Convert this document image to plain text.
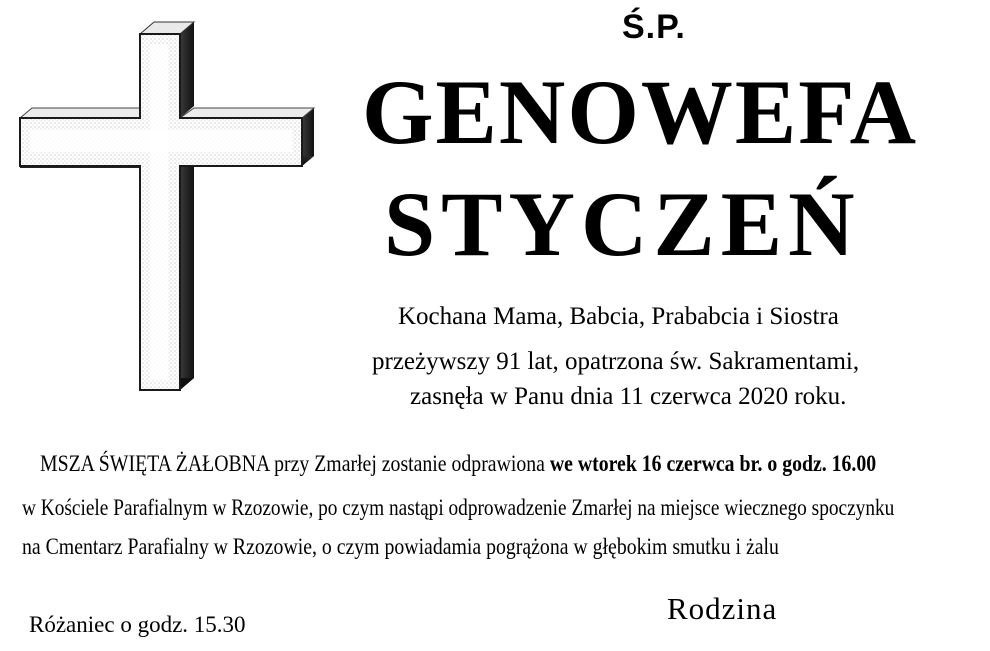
Ś.P.
GENOWEFA
STYCZEŃ
Kochana Mama, Babcia, Prababcia i Siostra
przeżywszy 91 lat, opatrzona św. Sakramentami,
zasnęła w Panu dnia 11 czerwca 2020 roku.
MSZA ŚWIĘTA ŻAŁOBNA przy Zmarłej zostanie odprawiona we wtorek 16 czerwca br. o godz. 16.00
w Kościele Parafialnym w Rzozowie, po czym nastąpi odprowadzenie Zmarłej na miejsce wiecznego spoczynku
na Cmentarz Parafialny w Rzozowie, o czym powiadamia pogrążona w głębokim smutku i żalu
Różaniec o godz. 15.30	Rodzina
